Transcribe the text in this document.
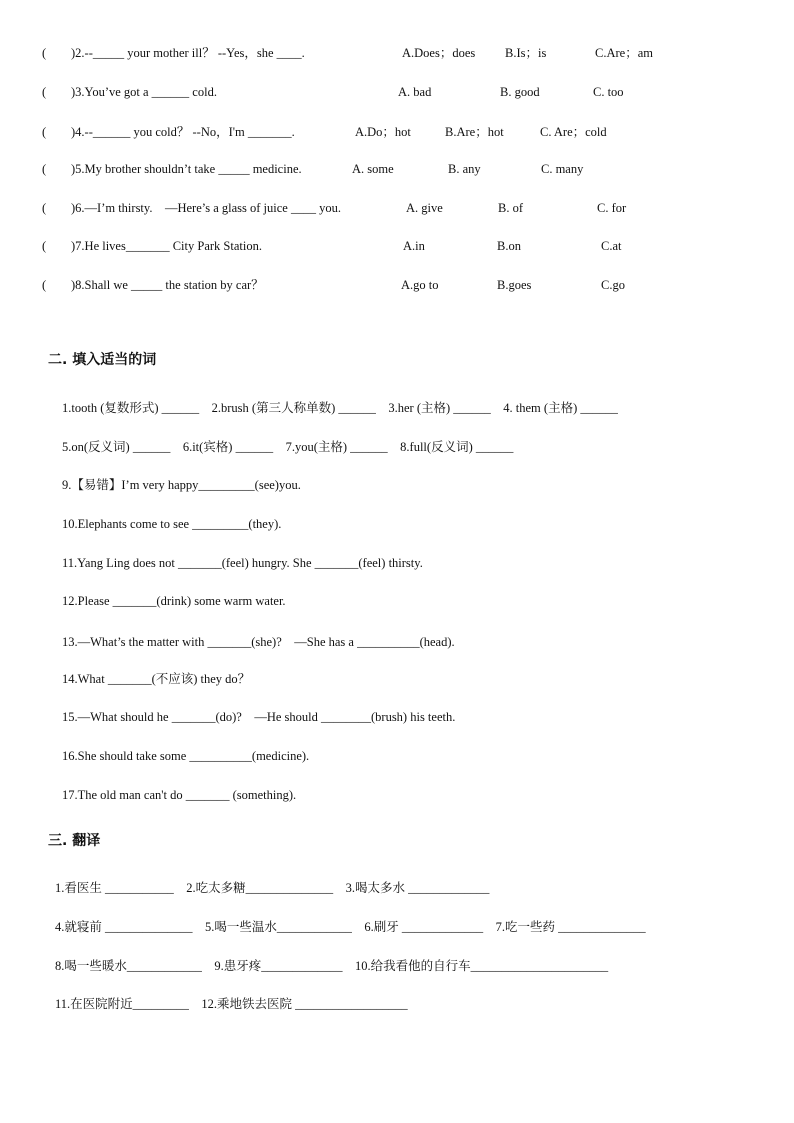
( )2.--_____ your mother ill？ --Yes，she ____.	A.Does；does B.Is；is	C.Are；am
( )3.You’ve got a ______ cold.	A. bad	B. good	C. too
( )4.--______ you cold？ --No，I'm _______.	A.Do；hot	B.Are；hot	C. Are；cold
( )5.My brother shouldn’t take _____ medicine.	A. some	B. any	C. many
( )6.—I’m thirsty.　—Here’s a glass of juice ____ you.	A. give	B. of	C. for
( )7.He lives_______ City Park Station.	A.in	B.on	C.at
( )8.Shall we _____ the station by car？	A.go to	B.goes	C.go
二. 填入适当的词
1.tooth (复数形式) ______　2.brush (第三人称单数) ______　3.her (主格) ______　4. them (主格) ______
5.on(反义词) ______　6.it(宾格) ______　7.you(主格) ______　8.full(反义词) ______
9.【易错】I’m very happy_________(see)you.
10.Elephants come to see _________(they).
11.Yang Ling does not _______(feel) hungry. She _______(feel) thirsty.
12.Please _______(drink) some warm water.
13.—What’s the matter with _______(she)?　—She has a __________(head).
14.What _______(不应该) they do？
15.—What should he _______(do)?　—He should ________(brush) his teeth.
16.She should take some __________(medicine).
17.The old man can't do _______ (something).
三. 翻译
1.看医生 ___________　2.吃太多糖______________　3.喝太多水 _____________
4.就寝前 ______________　5.喝一些温水____________　6.刷牙 _____________　7.吃一些药 ______________
8.喝一些暖水____________　9.患牙疼_____________　10.给我看他的自行车______________________
11.在医院附近_________　12.乘地铁去医院 __________________
